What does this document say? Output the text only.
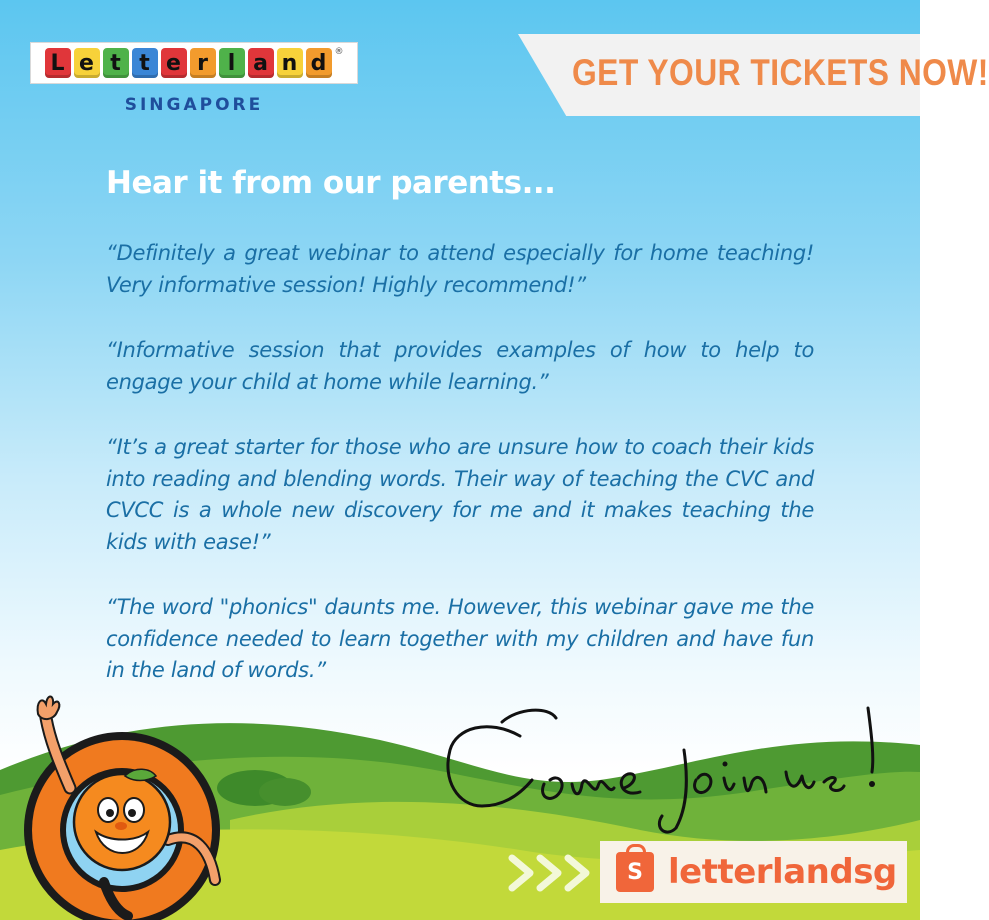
L e t t e r l a n d ®
SINGAPORE
GET YOUR TICKETS NOW!
Hear it from our parents...

“Definitely a great webinar to attend especially for home teaching! Very informative session! Highly recommend!”

“Informative session that provides examples of how to help to engage your child at home while learning.”

“It’s a great starter for those who are unsure how to coach their kids into reading and blending words. Their way of teaching the CVC and CVCC is a whole new discovery for me and it makes teaching the kids with ease!”

“The word "phonics" daunts me. However, this webinar gave me the confidence needed to learn together with my children and have fun in the land of words.”

S letterlandsg
